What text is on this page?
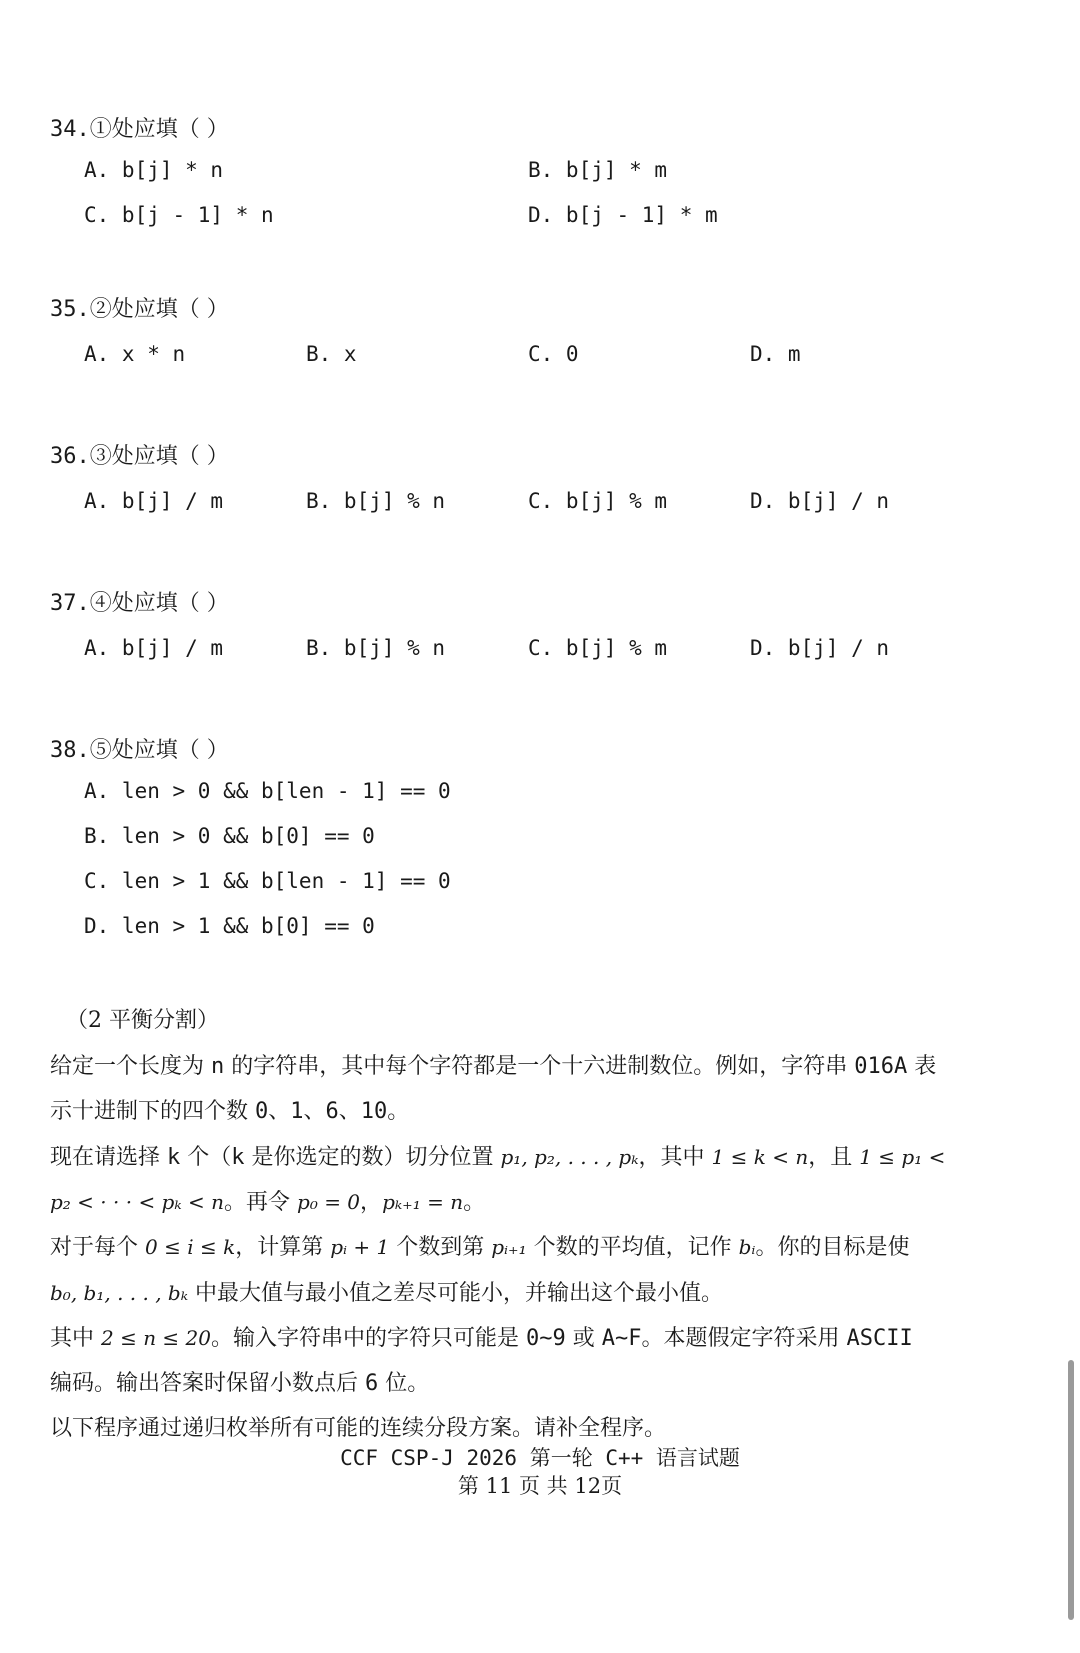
34.①处应填（ ）
A. b[j] * n	B. b[j] * m
C. b[j - 1] * n	D. b[j - 1] * m
35.②处应填（ ）
A. x * n	B. x	C. 0	D. m
36.③处应填（ ）
A. b[j] / m	B. b[j] % n	C. b[j] % m	D. b[j] / n
37.④处应填（ ）
A. b[j] / m	B. b[j] % n	C. b[j] % m	D. b[j] / n
38.⑤处应填（ ）
A. len > 0 && b[len - 1] == 0
B. len > 0 && b[0] == 0
C. len > 1 && b[len - 1] == 0
D. len > 1 && b[0] == 0
（2 平衡分割）
给定一个长度为 n 的字符串，其中每个字符都是一个十六进制数位。例如，字符串 016A 表
示十进制下的四个数 0、1、6、10。
现在请选择 k 个（k 是你选定的数）切分位置 p₁, p₂, . . . , pₖ，其中 1 ≤ k < n，且 1 ≤ p₁ <
p₂ < · · · < pₖ < n。再令 p₀ = 0，pₖ₊₁ = n。
对于每个 0 ≤ i ≤ k，计算第 pᵢ + 1 个数到第 pᵢ₊₁ 个数的平均值，记作 bᵢ。你的目标是使
b₀, b₁, . . . , bₖ 中最大值与最小值之差尽可能小，并输出这个最小值。
其中 2 ≤ n ≤ 20。输入字符串中的字符只可能是 0~9 或 A~F。本题假定字符采用 ASCII
编码。输出答案时保留小数点后 6 位。
以下程序通过递归枚举所有可能的连续分段方案。请补全程序。
CCF CSP-J 2026 第一轮 C++ 语言试题
第 11 页 共 12页
